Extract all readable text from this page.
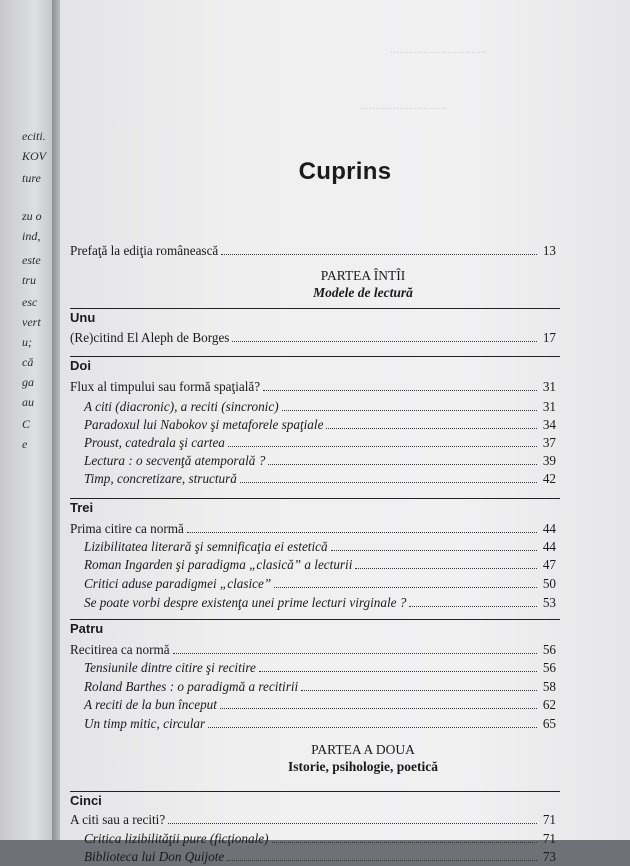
eciti.
KOV
ture
zu o
ind,
este
tru
esc
vert
u;
că
ga
au
C
e
................................
.............................
Cuprins
Prefaţă la ediţia românească	13
PARTEA ÎNTÎI
Modele de lectură
Unu
(Re)citind El Aleph de Borges	17
Doi
Flux al timpului sau formă spaţială?	31
A citi (diacronic), a reciti (sincronic)	31
Paradoxul lui Nabokov şi metaforele spaţiale	34
Proust, catedrala şi cartea	37
Lectura : o secvenţă atemporală ?	39
Timp, concretizare, structură	42
Trei
Prima citire ca normă	44
Lizibilitatea literară şi semnificaţia ei estetică	44
Roman Ingarden şi paradigma „clasică” a lecturii	47
Critici aduse paradigmei „clasice”	50
Se poate vorbi despre existenţa unei prime lecturi virginale ?	53
Patru
Recitirea ca normă	56
Tensiunile dintre citire şi recitire	56
Roland Barthes : o paradigmă a recitirii	58
A reciti de la bun început	62
Un timp mitic, circular	65
PARTEA A DOUA
Istorie, psihologie, poetică
Cinci
A citi sau a reciti?	71
Critica lizibilităţii pure (ficţionale)	71
Biblioteca lui Don Quijote	73
